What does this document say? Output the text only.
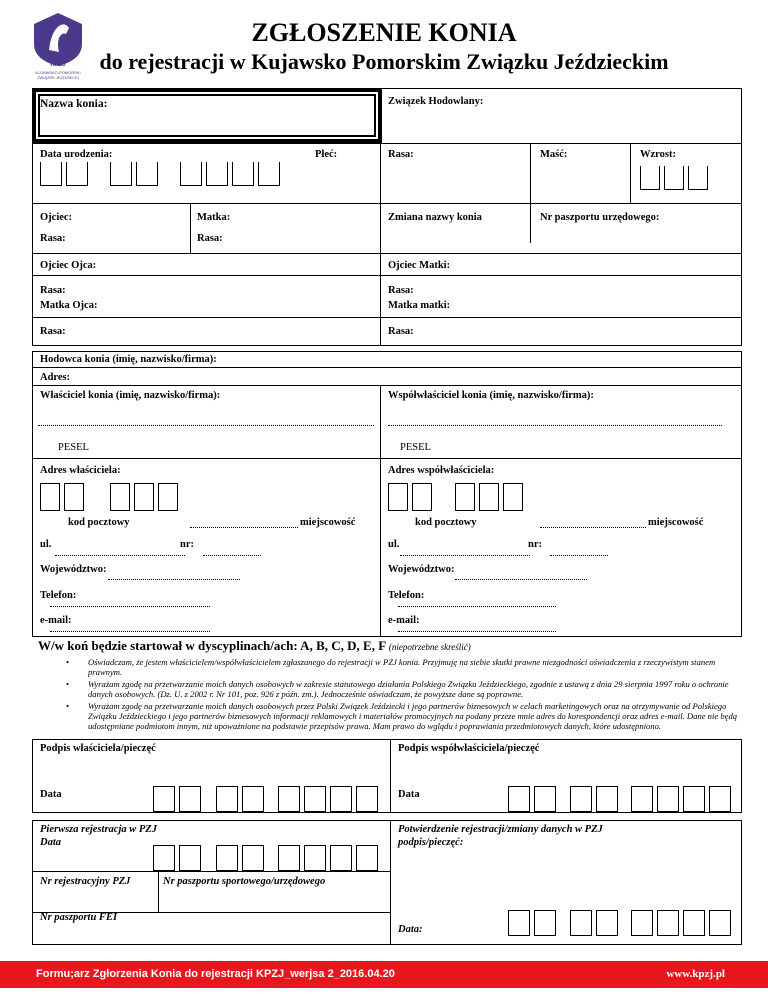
KPZJ
KUJAWSKO-POMORSKI ZWIĄZEK JEŹDZIECKI
ZGŁOSZENIE KONIA
do rejestracji w Kujawsko Pomorskim Związku Jeździeckim
Nazwa konia:	Związek Hodowlany:
Data urodzenia:	Płeć:	Rasa:	Maść:	Wzrost:
Ojciec:	Matka:	Zmiana nazwy konia	Nr paszportu urzędowego:
Rasa:	Rasa:
Ojciec Ojca:	Ojciec Matki:
Rasa:	Rasa:
Matka Ojca:	Matka matki:
Rasa:	Rasa:
Hodowca konia (imię, nazwisko/firma):
Adres:
Właściciel konia (imię, nazwisko/firma):	Współwłaściciel konia (imię, nazwisko/firma):
PESEL	PESEL
Adres właściciela:	Adres współwłaściciela:
kod pocztowy	miejscowość	kod pocztowy	miejscowość
ul.	nr:	ul.	nr:
Województwo:	Województwo:
Telefon:	Telefon:
e-mail:	e-mail:
W/w koń będzie startował w dyscyplinach/ach: A, B, C, D, E, F (niepotrzebne skreślić)
• Oświadczam, że jestem właścicielem/współwłaścicielem zgłaszanego do rejestracji w PZJ konia. Przyjmuję na siebie skutki prawne niezgodności oświadczenia z rzeczywistym stanem prawnym.
• Wyrażam zgodę na przetwarzanie moich danych osobowych w zakresie statutowego działania Polskiego Związku Jeździeckiego, zgodnie z ustawą z dnia 29 sierpnia 1997 roku o ochronie danych osobowych. (Dz. U. z 2002 r. Nr 101, poz. 926 z późn. zm.). Jednocześnie oświadczam, że powyższe dane są poprawne.
• Wyrażam zgodę na przetwarzanie moich danych osobowych przez Polski Związek Jeździecki i jego partnerów biznesowych w celach marketingowych oraz na otrzymywanie od Polskiego Związku Jeździeckiego i jego partnerów biznesowych informacji reklamowych i materiałów promocyjnych na podany przeze mnie adres do korespondencji oraz adres e-mail. Dane nie będą udostępniane podmiotom innym, niż upoważnione na podstawie przepisów prawa. Mam prawo do wglądu i poprawiania przedmiotowych danych, które udostępniono.
Podpis właściciela/pieczęć	Podpis współwłaściciela/pieczęć
Data	Data
Pierwsza rejestracja w PZJ
Data
Potwierdzenie rejestracji/zmiany danych w PZJ
podpis/pieczęć:
Nr rejestracyjny PZJ	Nr paszportu sportowego/urzędowego
Nr paszportu FEI
Data:
Formu;arz Zgłorzenia Konia do rejestracji KPZJ_werjsa 2_2016.04.20	www.kpzj.pl
